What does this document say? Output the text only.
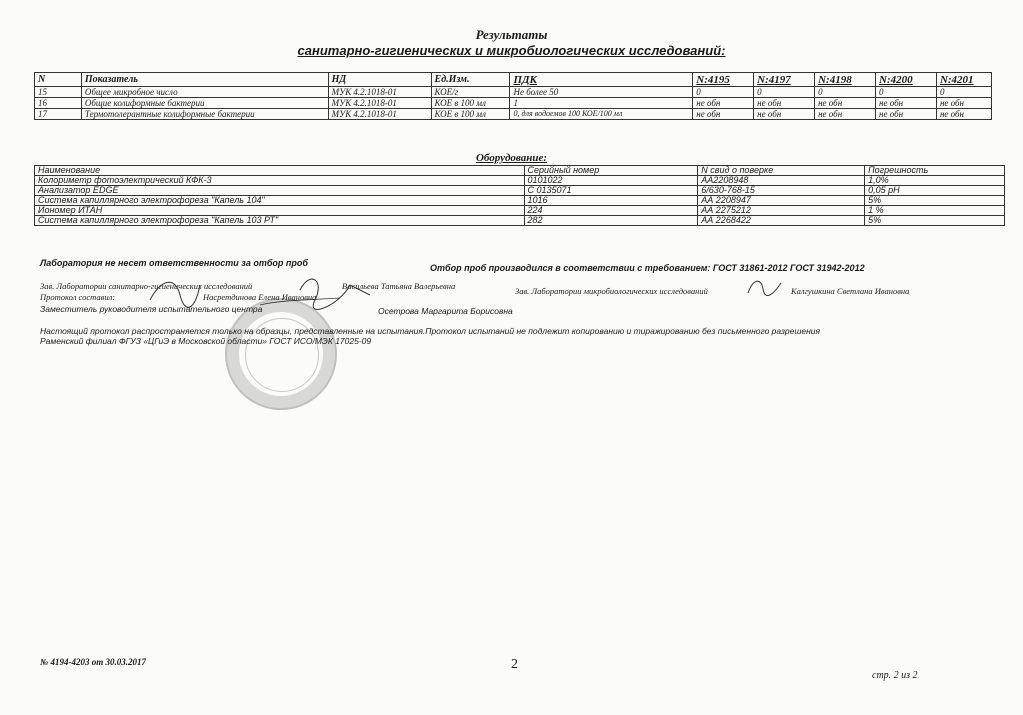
Результаты
санитарно-гигиенических и микробиологических исследований:
N	Показатель	НД	Ед.Изм.	ПДК	N:4195	N:4197	N:4198	N:4200	N:4201
15	Общее микробное число	МУК 4.2.1018-01	КОЕ/г	Не более 50	0	0	0	0	0
16	Общие колиформные бактерии	МУК 4.2.1018-01	КОЕ в 100 мл	1	не обн	не обн	не обн	не обн	не обн
17	Термотолерантные колиформные бактерии	МУК 4.2.1018-01	КОЕ в 100 мл	0, для водоемов 100 КОЕ/100 мл	не обн	не обн	не обн	не обн	не обн
Оборудование:
Наименование	Серийный номер	N свид о поверке	Погрешность
Колориметр фотоэлектрический КФК-3	0101022	АА2208948	1,0%
Анализатор EDGE	С 0135071	6/630-768-15	0,05 pH
Система капиллярного электрофореза "Капель 104"	1016	АА 2208947	5%
Иономер ИТАН	224	АА 2275212	1 %
Система капиллярного электрофореза "Капель 103 РТ"	282	АА 2268422	5%
Лаборатория не несет ответственности за отбор проб	Отбор проб производился в соответствии с требованием: ГОСТ 31861-2012 ГОСТ 31942-2012
Зав. Лаборатории санитарно-гигиенических исследований	Васильева Татьяна Валерьевна	Зав. Лаборатории микробиологических исследований	Калгушкина Светлана Ивановна
Протокол составил:	Насретдинова Елена Ивановна
Заместитель руководителя испытательного центра	Осетрова Маргарита Борисовна
Настоящий протокол распространяется только на образцы, представленные на испытания.Протокол испытаний не подлежит копированию и тиражированию без письменного разрешения
Раменский филиал ФГУЗ «ЦГиЭ в Московской области» ГОСТ ИСО/МЭК 17025-09
№ 4194-4203 от 30.03.2017	2
стр. 2 из 2
